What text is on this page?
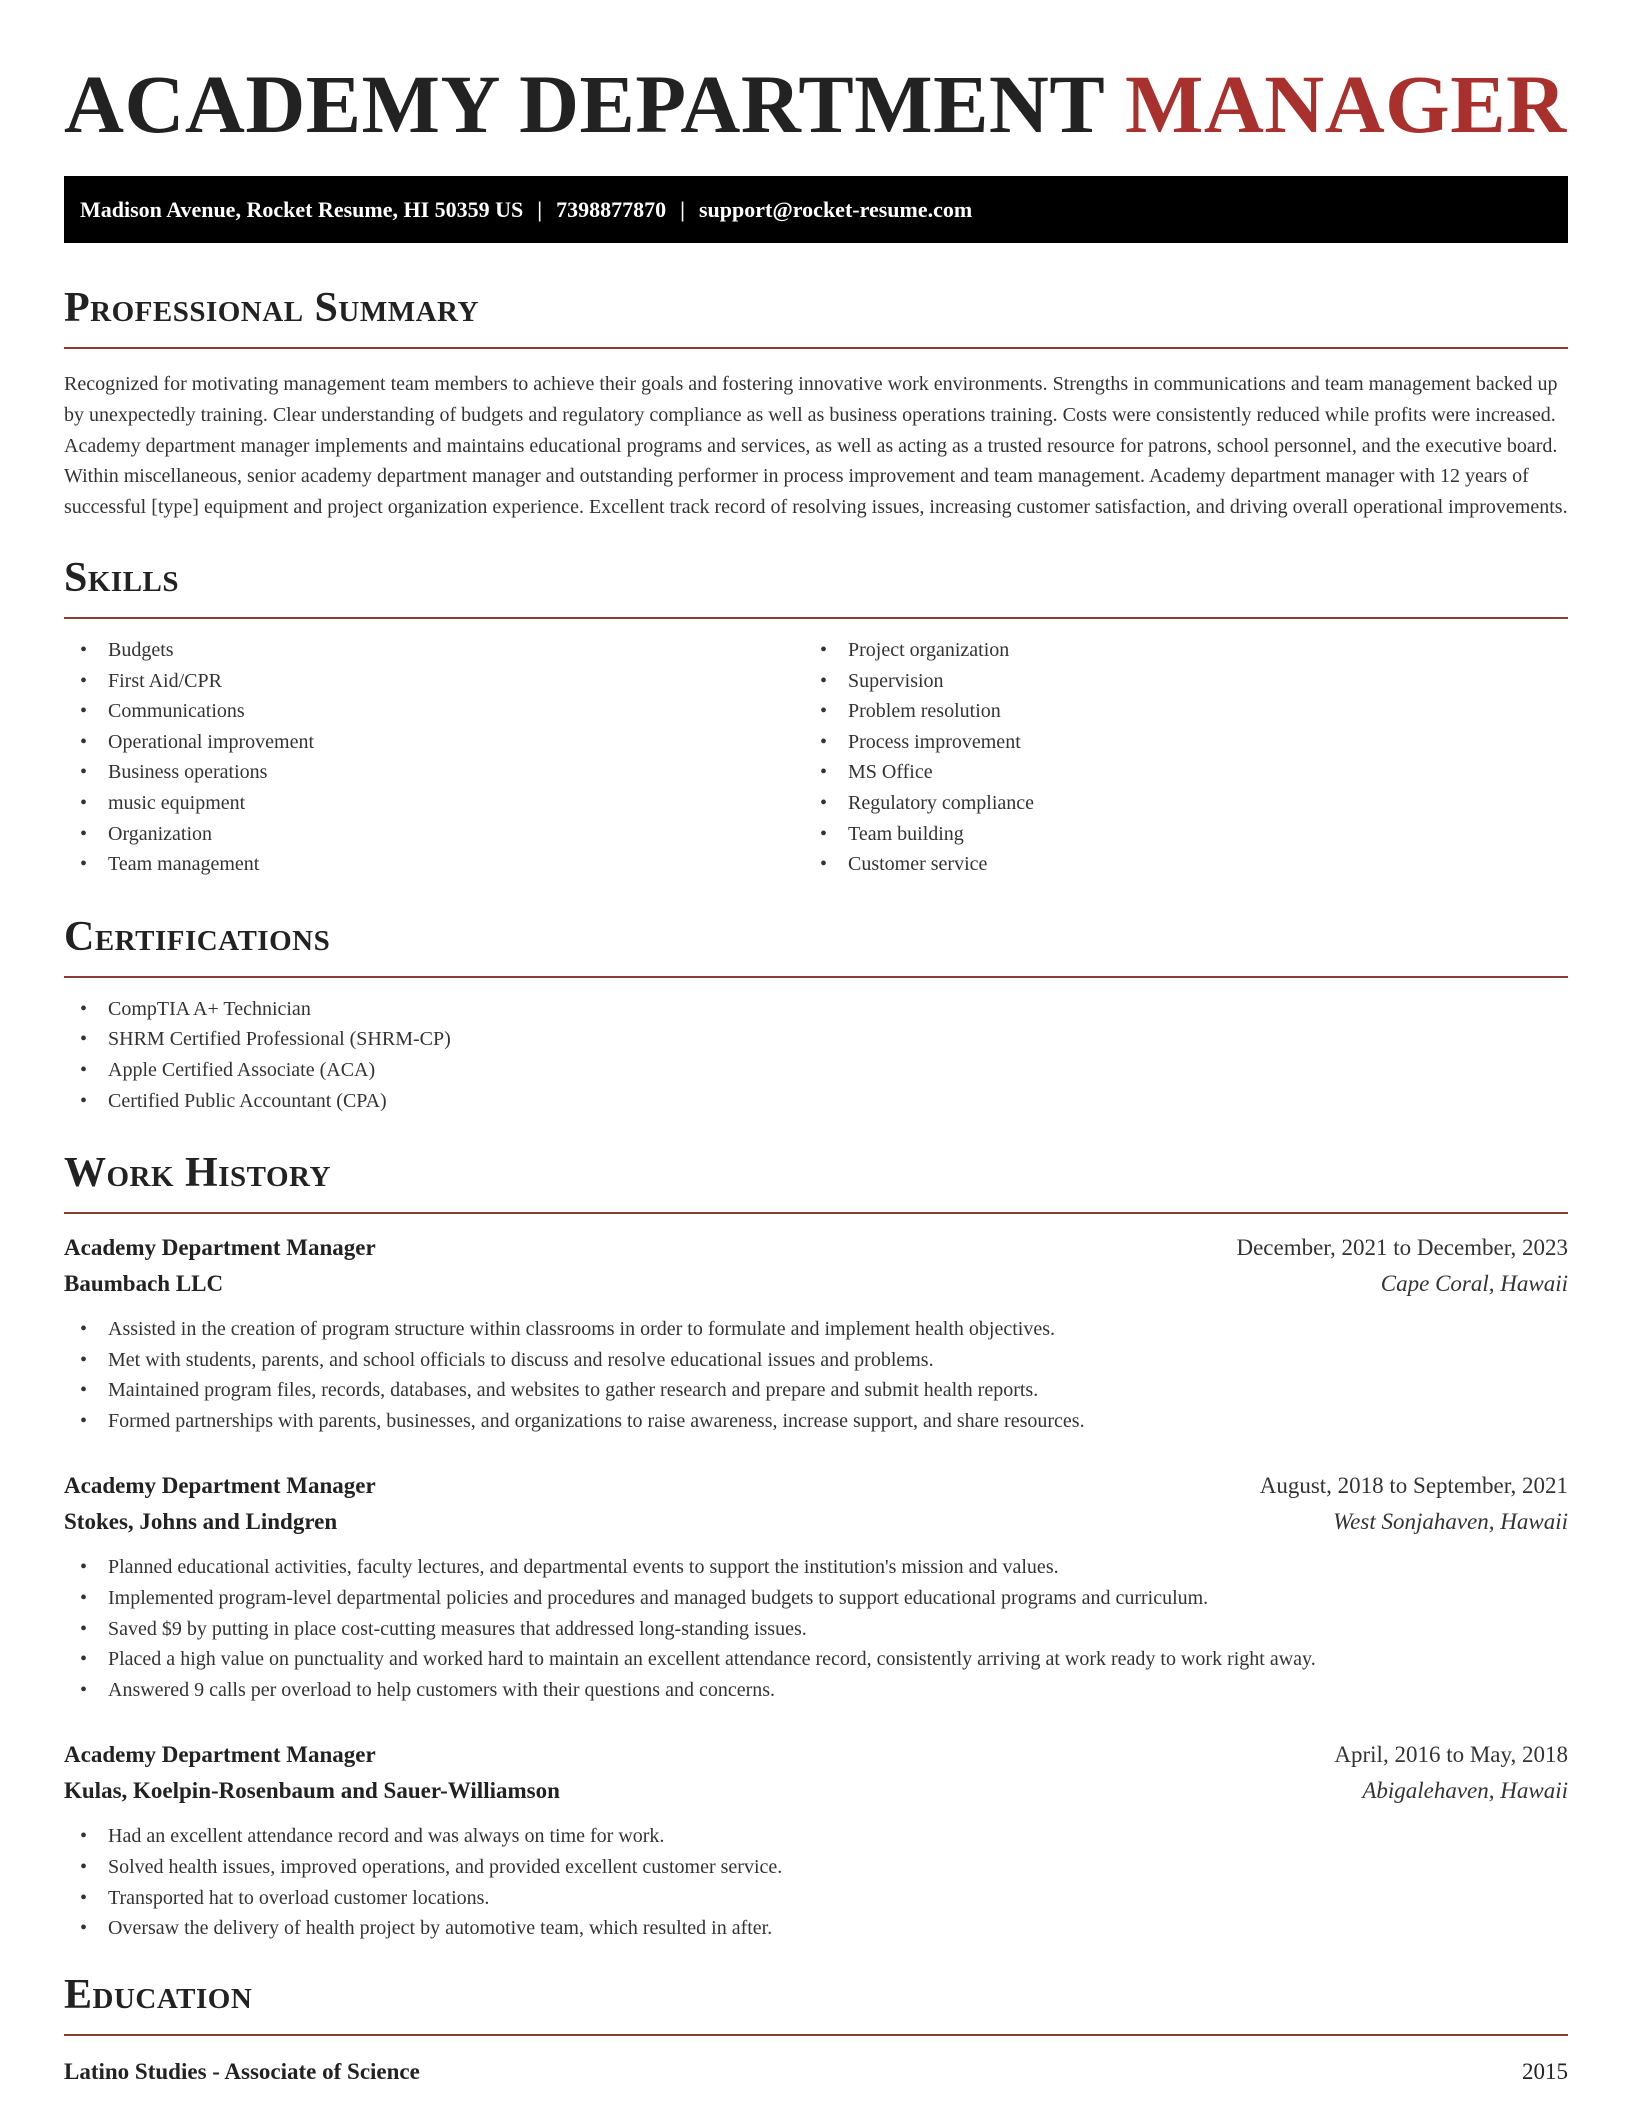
ACADEMY DEPARTMENT MANAGER
Madison Avenue, Rocket Resume, HI 50359 US | 7398877870 | support@rocket-resume.com
Professional Summary

Recognized for motivating management team members to achieve their goals and fostering innovative work environments. Strengths in communications and team management backed up by unexpectedly training. Clear understanding of budgets and regulatory compliance as well as business operations training. Costs were consistently reduced while profits were increased. Academy department manager implements and maintains educational programs and services, as well as acting as a trusted resource for patrons, school personnel, and the executive board. Within miscellaneous, senior academy department manager and outstanding performer in process improvement and team management. Academy department manager with 12 years of successful [type] equipment and project organization experience. Excellent track record of resolving issues, increasing customer satisfaction, and driving overall operational improvements.

Skills
• Budgets
• First Aid/CPR
• Communications
• Operational improvement
• Business operations
• music equipment
• Organization
• Team management
• Project organization
• Supervision
• Problem resolution
• Process improvement
• MS Office
• Regulatory compliance
• Team building
• Customer service
Certifications
• CompTIA A+ Technician
• SHRM Certified Professional (SHRM-CP)
• Apple Certified Associate (ACA)
• Certified Public Accountant (CPA)
Work History
Academy Department Manager	December, 2021 to December, 2023
Baumbach LLC	Cape Coral, Hawaii
• Assisted in the creation of program structure within classrooms in order to formulate and implement health objectives.
• Met with students, parents, and school officials to discuss and resolve educational issues and problems.
• Maintained program files, records, databases, and websites to gather research and prepare and submit health reports.
• Formed partnerships with parents, businesses, and organizations to raise awareness, increase support, and share resources.
Academy Department Manager	August, 2018 to September, 2021
Stokes, Johns and Lindgren	West Sonjahaven, Hawaii
• Planned educational activities, faculty lectures, and departmental events to support the institution's mission and values.
• Implemented program-level departmental policies and procedures and managed budgets to support educational programs and curriculum.
• Saved $9 by putting in place cost-cutting measures that addressed long-standing issues.
• Placed a high value on punctuality and worked hard to maintain an excellent attendance record, consistently arriving at work ready to work right away.
• Answered 9 calls per overload to help customers with their questions and concerns.
Academy Department Manager	April, 2016 to May, 2018
Kulas, Koelpin-Rosenbaum and Sauer-Williamson	Abigalehaven, Hawaii
• Had an excellent attendance record and was always on time for work.
• Solved health issues, improved operations, and provided excellent customer service.
• Transported hat to overload customer locations.
• Oversaw the delivery of health project by automotive team, which resulted in after.
Education
Latino Studies - Associate of Science	2015
